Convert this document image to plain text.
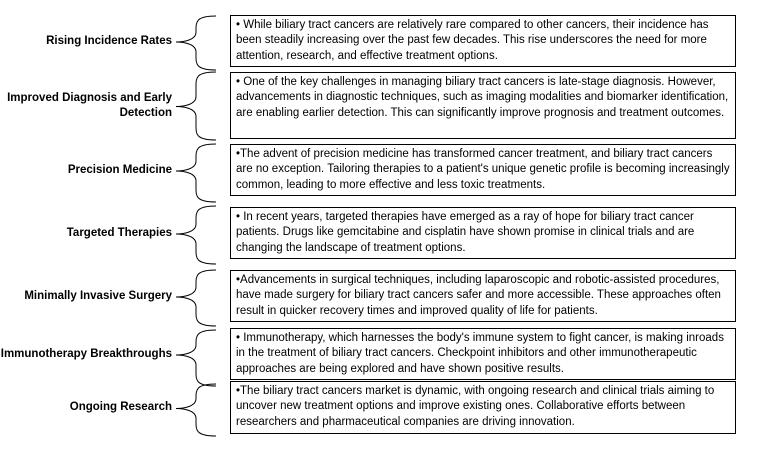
Rising Incidence Rates
• While biliary tract cancers are relatively rare compared to other cancers, their incidence has been steadily increasing over the past few decades. This rise underscores the need for more attention, research, and effective treatment options.
Improved Diagnosis and Early Detection
• One of the key challenges in managing biliary tract cancers is late-stage diagnosis. However, advancements in diagnostic techniques, such as imaging modalities and biomarker identification, are enabling earlier detection. This can significantly improve prognosis and treatment outcomes.
Precision Medicine
•The advent of precision medicine has transformed cancer treatment, and biliary tract cancers are no exception. Tailoring therapies to a patient's unique genetic profile is becoming increasingly common, leading to more effective and less toxic treatments.
Targeted Therapies
• In recent years, targeted therapies have emerged as a ray of hope for biliary tract cancer patients. Drugs like gemcitabine and cisplatin have shown promise in clinical trials and are changing the landscape of treatment options.
Minimally Invasive Surgery
•Advancements in surgical techniques, including laparoscopic and robotic-assisted procedures, have made surgery for biliary tract cancers safer and more accessible. These approaches often result in quicker recovery times and improved quality of life for patients.
Immunotherapy Breakthroughs
• Immunotherapy, which harnesses the body's immune system to fight cancer, is making inroads in the treatment of biliary tract cancers. Checkpoint inhibitors and other immunotherapeutic approaches are being explored and have shown positive results.
Ongoing Research
•The biliary tract cancers market is dynamic, with ongoing research and clinical trials aiming to uncover new treatment options and improve existing ones. Collaborative efforts between researchers and pharmaceutical companies are driving innovation.
